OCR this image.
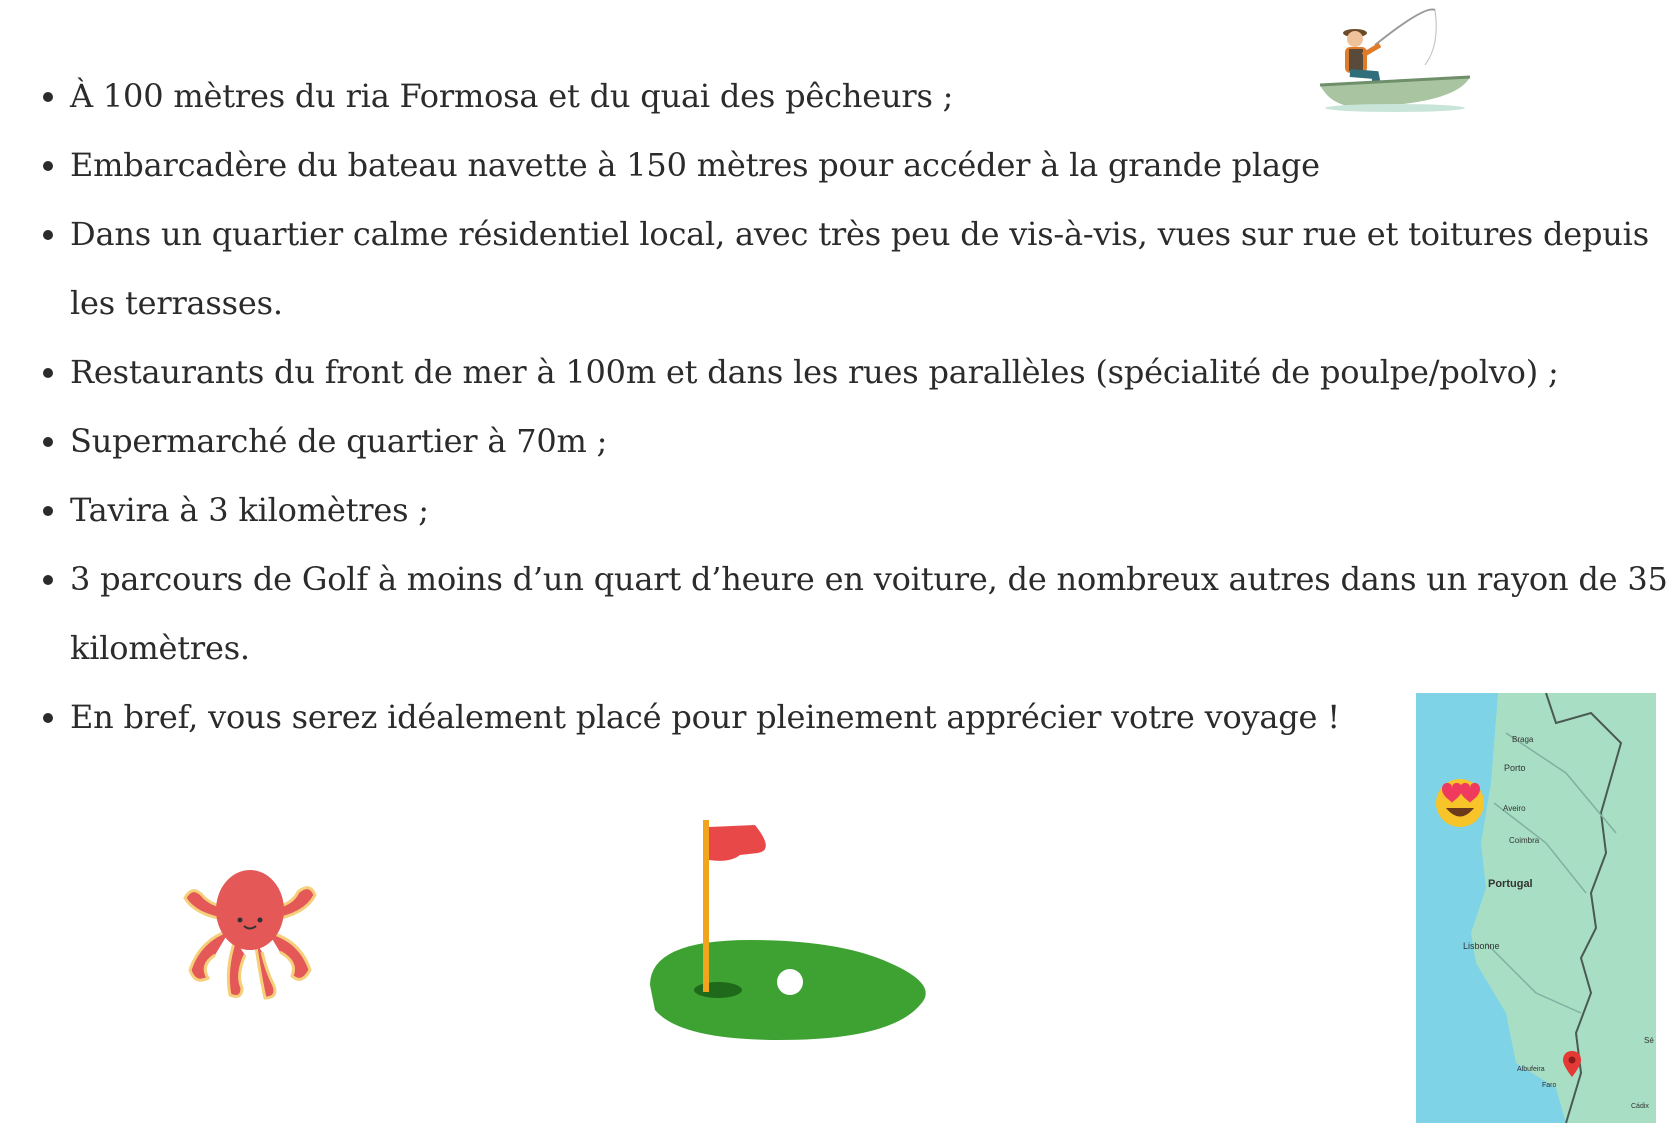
• À 100 mètres du ria Formosa et du quai des pêcheurs ;
• Embarcadère du bateau navette à 150 mètres pour accéder à la grande plage
• Dans un quartier calme résidentiel local, avec très peu de vis-à-vis, vues sur rue et toitures depuis les terrasses.
• Restaurants du front de mer à 100m et dans les rues parallèles (spécialité de poulpe/polvo) ;
• Supermarché de quartier à 70m ;
• Tavira à 3 kilomètres ;
• 3 parcours de Golf à moins d’un quart d’heure en voiture, de nombreux autres dans un rayon de 35 kilomètres.
• En bref, vous serez idéalement placé pour pleinement apprécier votre voyage !
Braga
Porto
Aveiro
Coimbra
Portugal
Lisbonne
Albufeira
Faro
Sé
Cádix
